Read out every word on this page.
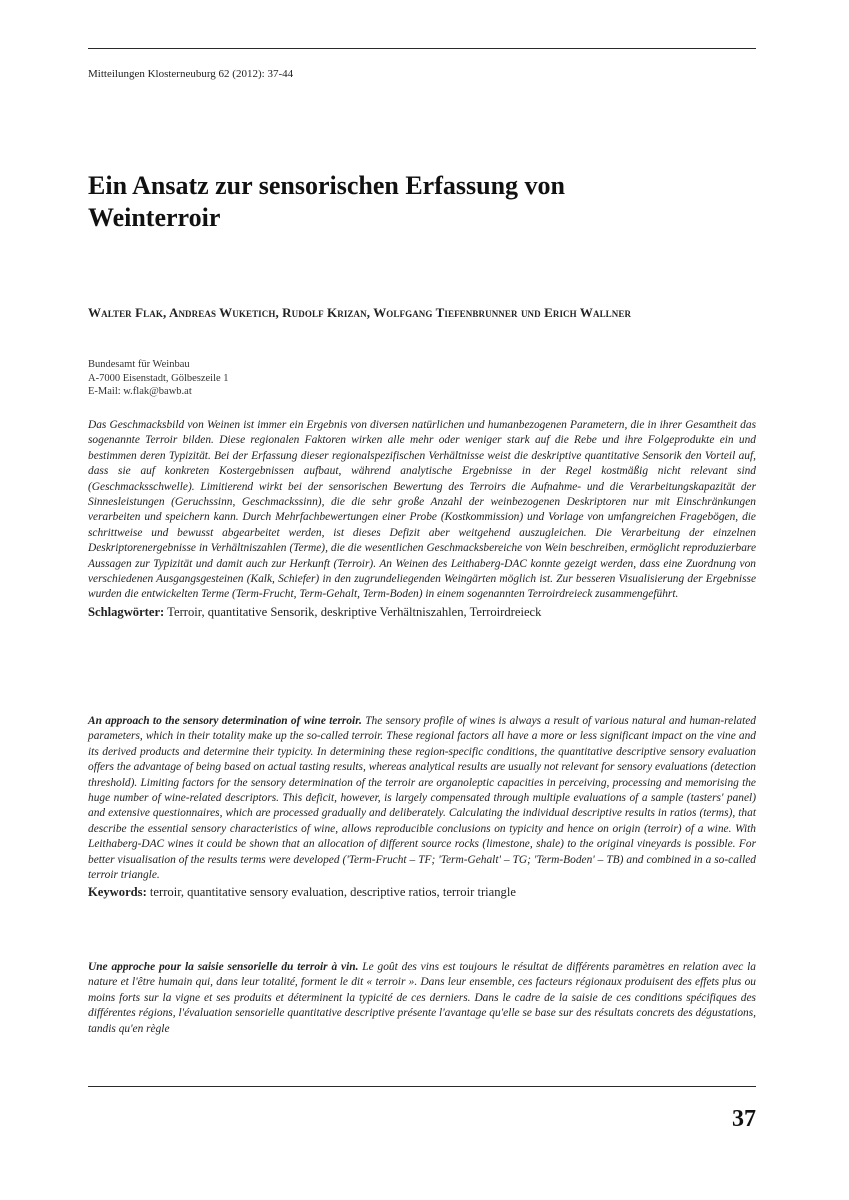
Mitteilungen Klosterneuburg 62 (2012): 37-44
Ein Ansatz zur sensorischen Erfassung von
Weinterroir
Walter Flak, Andreas Wuketich, Rudolf Krizan, Wolfgang Tiefenbrunner und Erich Wallner
Bundesamt für Weinbau
A-7000 Eisenstadt, Gölbeszeile 1
E-Mail: w.flak@bawb.at

Das Geschmacksbild von Weinen ist immer ein Ergebnis von diversen natürlichen und humanbezogenen Parametern, die in ihrer Gesamtheit das sogenannte Terroir bilden. Diese regionalen Faktoren wirken alle mehr oder weniger stark auf die Rebe und ihre Folgeprodukte ein und bestimmen deren Typizität. Bei der Erfassung dieser regionalspezifischen Verhältnisse weist die deskriptive quantitative Sensorik den Vorteil auf, dass sie auf konkreten Kostergebnissen aufbaut, während analytische Ergebnisse in der Regel kostmäßig nicht relevant sind (Geschmacksschwelle). Limitierend wirkt bei der sensorischen Bewertung des Terroirs die Aufnahme- und die Verarbeitungskapazität der Sinnesleistungen (Geruchssinn, Geschmackssinn), die die sehr große Anzahl der weinbezogenen Deskriptoren nur mit Einschränkungen verarbeiten und speichern kann. Durch Mehrfachbewertungen einer Probe (Kostkommission) und Vorlage von umfangreichen Fragebögen, die schrittweise und bewusst abgearbeitet werden, ist dieses Defizit aber weitgehend auszugleichen. Die Verarbeitung der einzelnen Deskriptorenergebnisse in Verhältniszahlen (Terme), die die wesentlichen Geschmacksbereiche von Wein beschreiben, ermöglicht reproduzierbare Aussagen zur Typizität und damit auch zur Herkunft (Terroir). An Weinen des Leithaberg-DAC konnte gezeigt werden, dass eine Zuordnung von verschiedenen Ausgangsgesteinen (Kalk, Schiefer) in den zugrundeliegenden Weingärten möglich ist. Zur besseren Visualisierung der Ergebnisse wurden die entwickelten Terme (Term-Frucht, Term-Gehalt, Term-Boden) in einem sogenannten Terroirdreieck zusammengeführt.

Schlagwörter: Terroir, quantitative Sensorik, deskriptive Verhältniszahlen, Terroirdreieck

An approach to the sensory determination of wine terroir. The sensory profile of wines is always a result of various natural and human-related parameters, which in their totality make up the so-called terroir. These regional factors all have a more or less significant impact on the vine and its derived products and determine their typicity. In determining these region-specific conditions, the quantitative descriptive sensory evaluation offers the advantage of being based on actual tasting results, whereas analytical results are usually not relevant for sensory evaluations (detection threshold). Limiting factors for the sensory determination of the terroir are organoleptic capacities in perceiving, processing and memorising the huge number of wine-related descriptors. This deficit, however, is largely compensated through multiple evaluations of a sample (tasters' panel) and extensive questionnaires, which are processed gradually and deliberately. Calculating the individual descriptive results in ratios (terms), that describe the essential sensory characteristics of wine, allows reproducible conclusions on typicity and hence on origin (terroir) of a wine. With Leithaberg-DAC wines it could be shown that an allocation of different source rocks (limestone, shale) to the original vineyards is possible. For better visualisation of the results terms were developed ('Term-Frucht – TF; 'Term-Gehalt' – TG; 'Term-Boden' – TB) and combined in a so-called terroir triangle.

Keywords: terroir, quantitative sensory evaluation, descriptive ratios, terroir triangle

Une approche pour la saisie sensorielle du terroir à vin. Le goût des vins est toujours le résultat de différents paramètres en relation avec la nature et l'être humain qui, dans leur totalité, forment le dit « terroir ». Dans leur ensemble, ces facteurs régionaux produisent des effets plus ou moins forts sur la vigne et ses produits et déterminent la typicité de ces derniers. Dans le cadre de la saisie de ces conditions spécifiques des différentes régions, l'évaluation sensorielle quantitative descriptive présente l'avantage qu'elle se base sur des résultats concrets des dégustations, tandis qu'en règle

37
